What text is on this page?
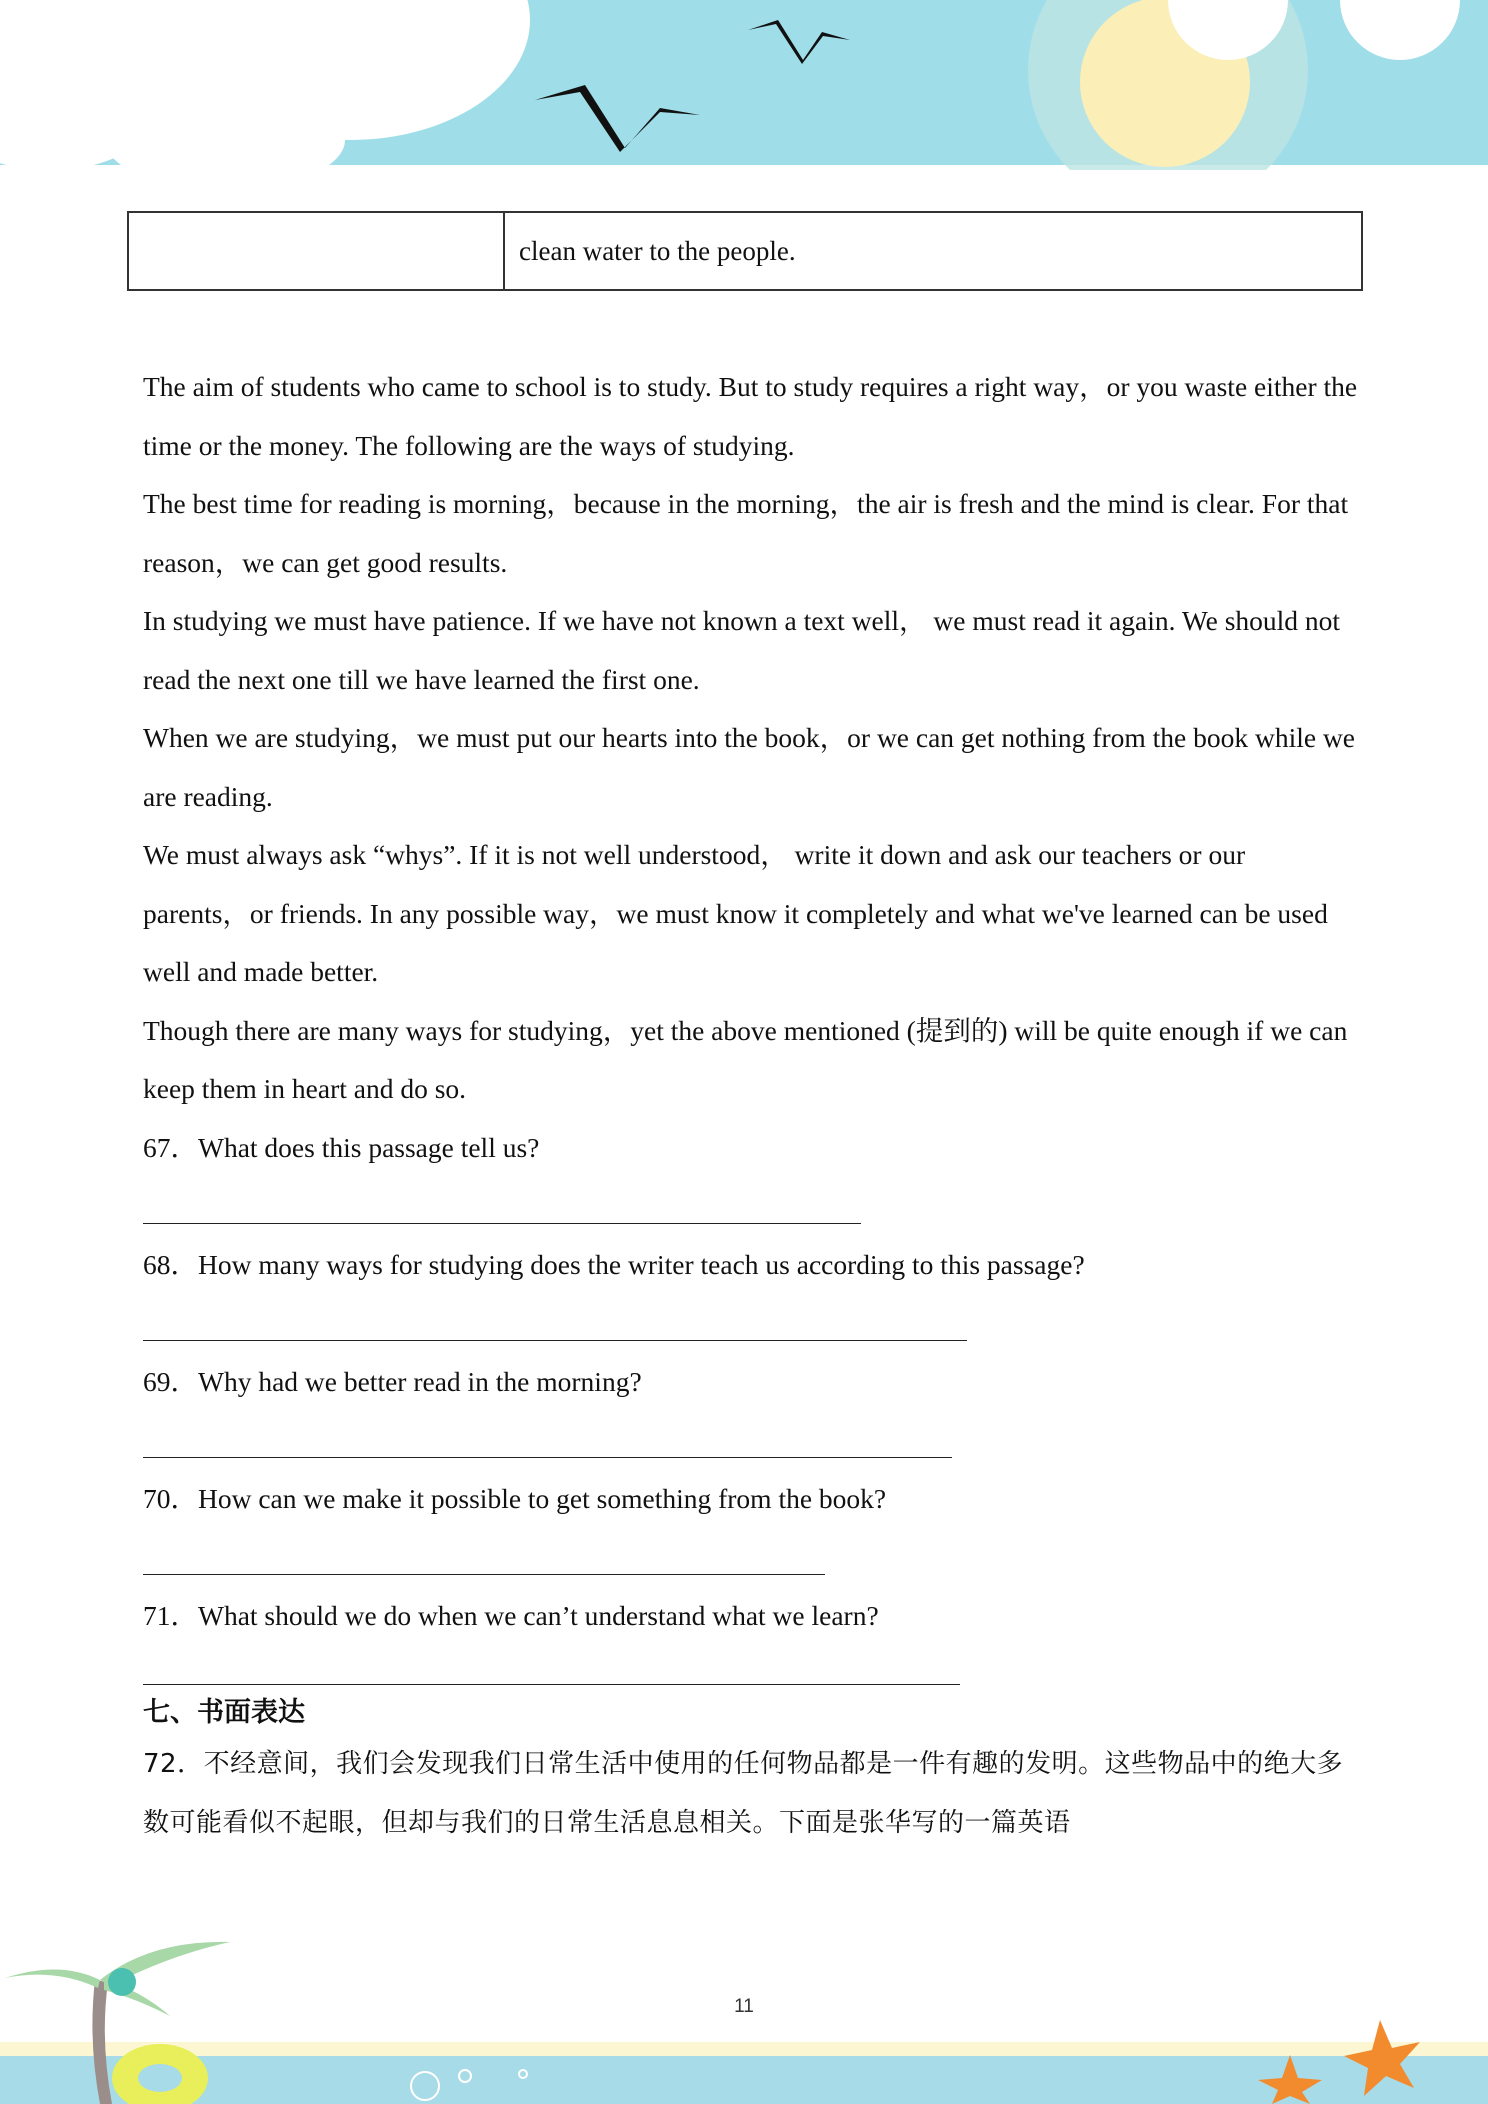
clean water to the people.

The aim of students who came to school is to study. But to study requires a right way，or you waste either the time or the money. The following are the ways of studying.

The best time for reading is morning，because in the morning，the air is fresh and the mind is clear. For that reason，we can get good results.

In studying we must have patience. If we have not known a text well， we must read it again. We should not read the next one till we have learned the first one.

When we are studying，we must put our hearts into the book，or we can get nothing from the book while we are reading.

We must always ask “whys”. If it is not well understood， write it down and ask our teachers or our parents，or friends. In any possible way，we must know it completely and what we've learned can be used well and made better.

Though there are many ways for studying，yet the above mentioned (提到的) will be quite enough if we can keep them in heart and do so.

67．What does this passage tell us?

68．How many ways for studying does the writer teach us according to this passage?

69．Why had we better read in the morning?

70．How can we make it possible to get something from the book?

71．What should we do when we can’t understand what we learn?

七、书面表达

72．不经意间，我们会发现我们日常生活中使用的任何物品都是一件有趣的发明。这些物品中的绝大多数可能看似不起眼，但却与我们的日常生活息息相关。下面是张华写的一篇英语

11
